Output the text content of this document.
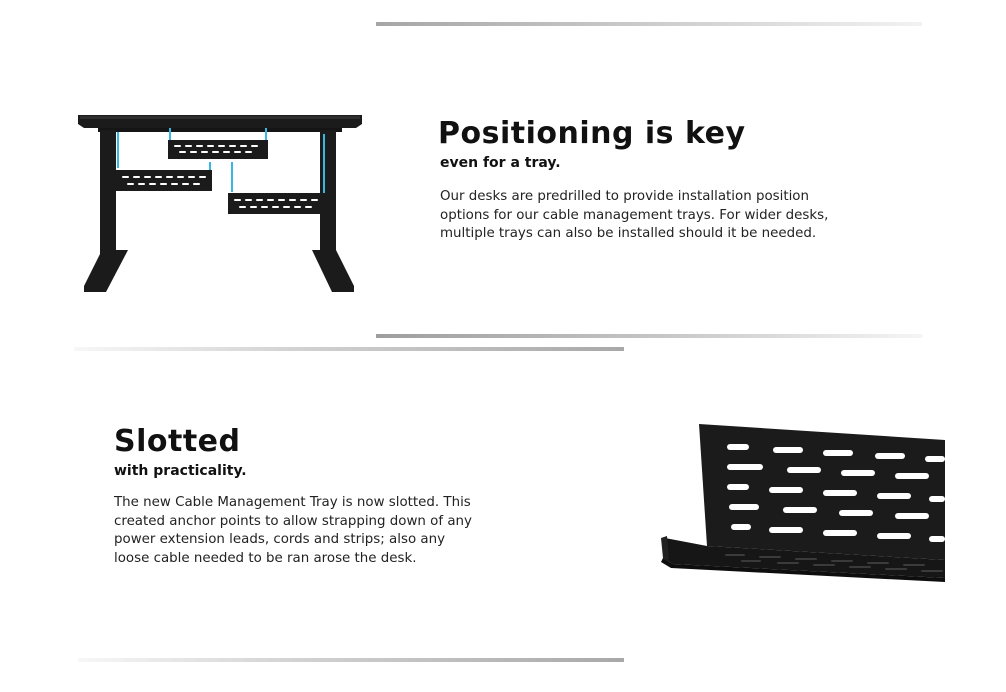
Positioning is key
even for a tray.

Our desks are predrilled to provide installation position
options for our cable management trays. For wider desks,
multiple trays can also be installed should it be needed.

Slotted
with practicality.

The new Cable Management Tray is now slotted. This
created anchor points to allow strapping down of any
power extension leads, cords and strips; also any
loose cable needed to be ran arose the desk.
